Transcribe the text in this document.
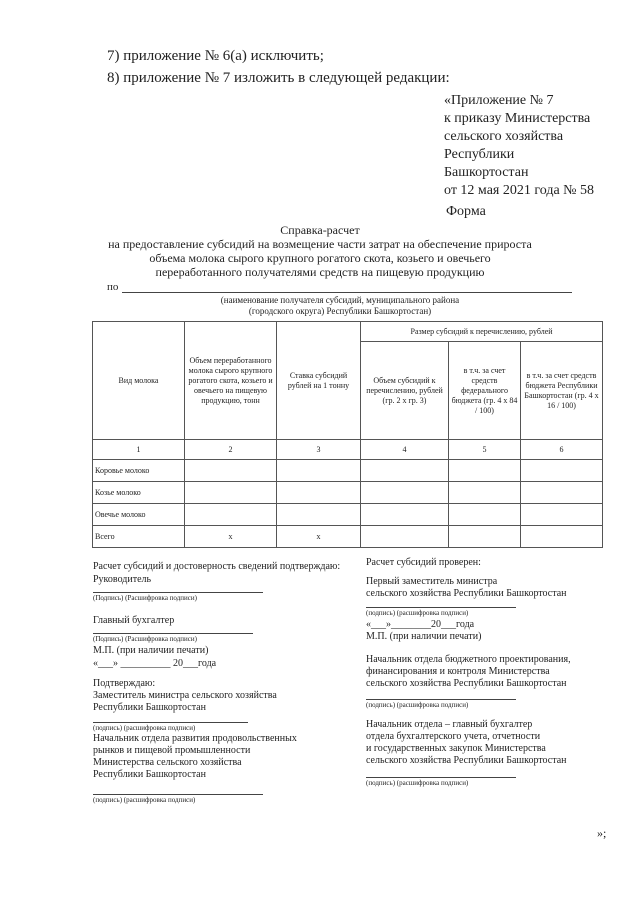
7) приложение № 6(а) исключить;
8) приложение № 7 изложить в следующей редакции:
«Приложение № 7
к приказу Министерства
сельского хозяйства
Республики
Башкортостан
от 12 мая 2021 года № 58
Форма
Справка-расчет
на предоставление субсидий на возмещение части затрат на обеспечение прироста
объема молока сырого крупного рогатого скота, козьего и овечьего
переработанного получателями средств на пищевую продукцию
по
(наименование получателя субсидий, муниципального района
(городского округа) Республики Башкортостан)
Вид молока	Объем переработанного молока сырого крупного рогатого скота, козьего и овечьего на пищевую продукцию, тонн	Ставка субсидий рублей на 1 тонну	Размер субсидий к перечислению, рублей		
			Объем субсидий к перечислению, рублей (гр. 2 х гр. 3)	в т.ч. за счет средств федерального бюджета (гр. 4 х 84 / 100)	в т.ч. за счет средств бюджета Республики Башкортостан (гр. 4 х 16 / 100)
1	2	3	4	5	6
Коровье молоко					
Козье молоко					
Овечье молоко					
Всего	х	х			
Расчет субсидий и достоверность сведений подтверждаю:
Руководитель
(Подпись) (Расшифровка подписи)
Главный бухгалтер
(Подпись) (Расшифровка подписи)
М.П. (при наличии печати)
«___» __________ 20___года
Подтверждаю:
Заместитель министра сельского хозяйства
Республики Башкортостан
(подпись) (расшифровка подписи)
Начальник отдела развития продовольственных
рынков и пищевой промышленности
Министерства сельского хозяйства
Республики Башкортостан
(подпись) (расшифровка подписи)
Расчет субсидий проверен:
Первый заместитель министра
сельского хозяйства Республики Башкортостан
(подпись) (расшифровка подписи)
«___»________20___года
М.П. (при наличии печати)
Начальник отдела бюджетного проектирования,
финансирования и контроля Министерства
сельского хозяйства Республики Башкортостан
(подпись) (расшифровка подписи)
Начальник отдела – главный бухгалтер
отдела бухгалтерского учета, отчетности
и государственных закупок Министерства
сельского хозяйства Республики Башкортостан
(подпись) (расшифровка подписи)
»;
